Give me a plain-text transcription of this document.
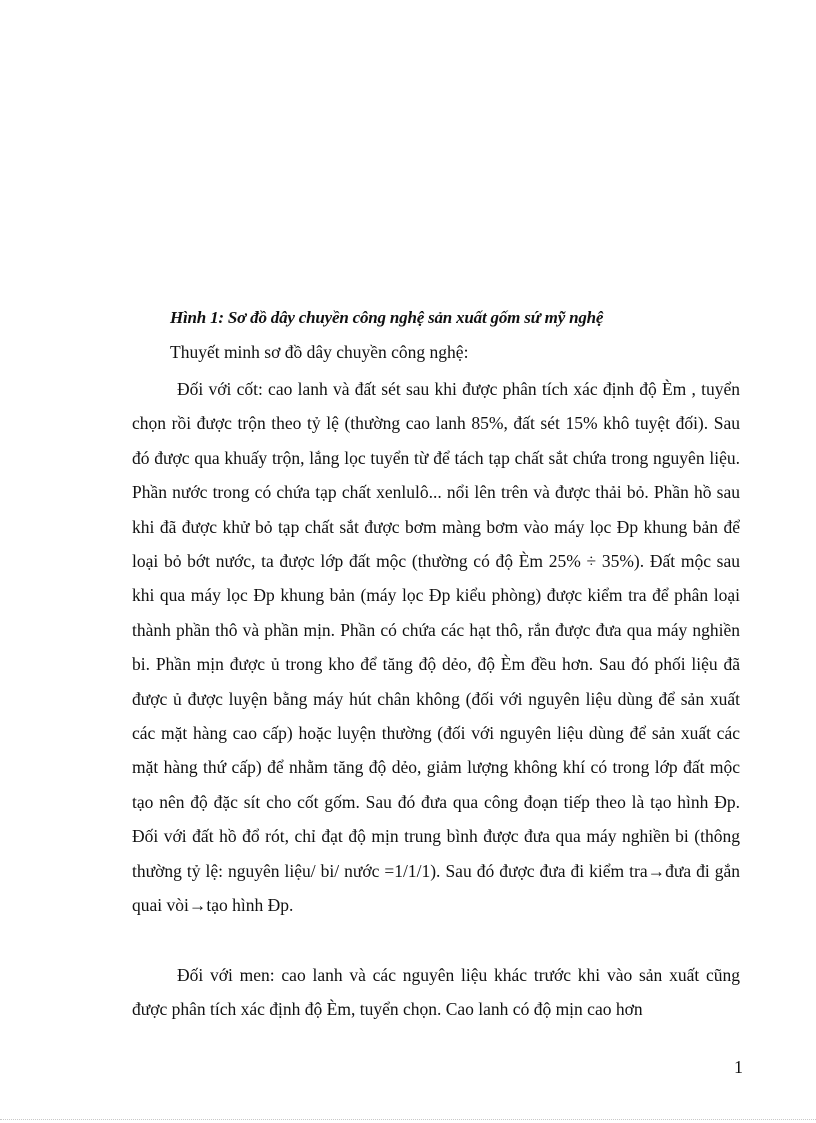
Hình 1: Sơ đồ dây chuyền công nghệ sản xuất gốm sứ mỹ nghệ
Thuyết minh sơ đồ dây chuyền công nghệ:

Đối với cốt: cao lanh và đất sét sau khi được phân tích xác định độ Èm , tuyển chọn rồi được trộn theo tỷ lệ (thường cao lanh 85%, đất sét 15% khô tuyệt đối). Sau đó được qua khuấy trộn, lắng lọc tuyển từ để tách tạp chất sắt chứa trong nguyên liệu. Phần nước trong có chứa tạp chất xenlulô... nổi lên trên và được thải bỏ. Phần hồ sau khi đã được khử bỏ tạp chất sắt được bơm màng bơm vào máy lọc Ðp khung bản để loại bỏ bớt nước, ta được lớp đất mộc (thường có độ Èm 25% ÷ 35%). Đất mộc sau khi qua máy lọc Ðp khung bản (máy lọc Ðp kiểu phòng) được kiểm tra để phân loại thành phần thô và phần mịn. Phần có chứa các hạt thô, rắn được đưa qua máy nghiền bi. Phần mịn được ủ trong kho để tăng độ dẻo, độ Èm đều hơn. Sau đó phối liệu đã được ủ được luyện bằng máy hút chân không (đối với nguyên liệu dùng để sản xuất các mặt hàng cao cấp) hoặc luyện thường (đối với nguyên liệu dùng để sản xuất các mặt hàng thứ cấp) để nhằm tăng độ dẻo, giảm lượng không khí có trong lớp đất mộc tạo nên độ đặc sít cho cốt gốm. Sau đó đưa qua công đoạn tiếp theo là tạo hình Ðp. Đối với đất hồ đổ rót, chỉ đạt độ mịn trung bình được đưa qua máy nghiền bi (thông thường tỷ lệ: nguyên liệu/ bi/ nước =1/1/1). Sau đó được đưa đi kiểm tra→đưa đi gắn quai vòi→tạo hình Ðp.

Đối với men: cao lanh và các nguyên liệu khác trước khi vào sản xuất cũng được phân tích xác định độ Èm, tuyển chọn. Cao lanh có độ mịn cao hơn

1
